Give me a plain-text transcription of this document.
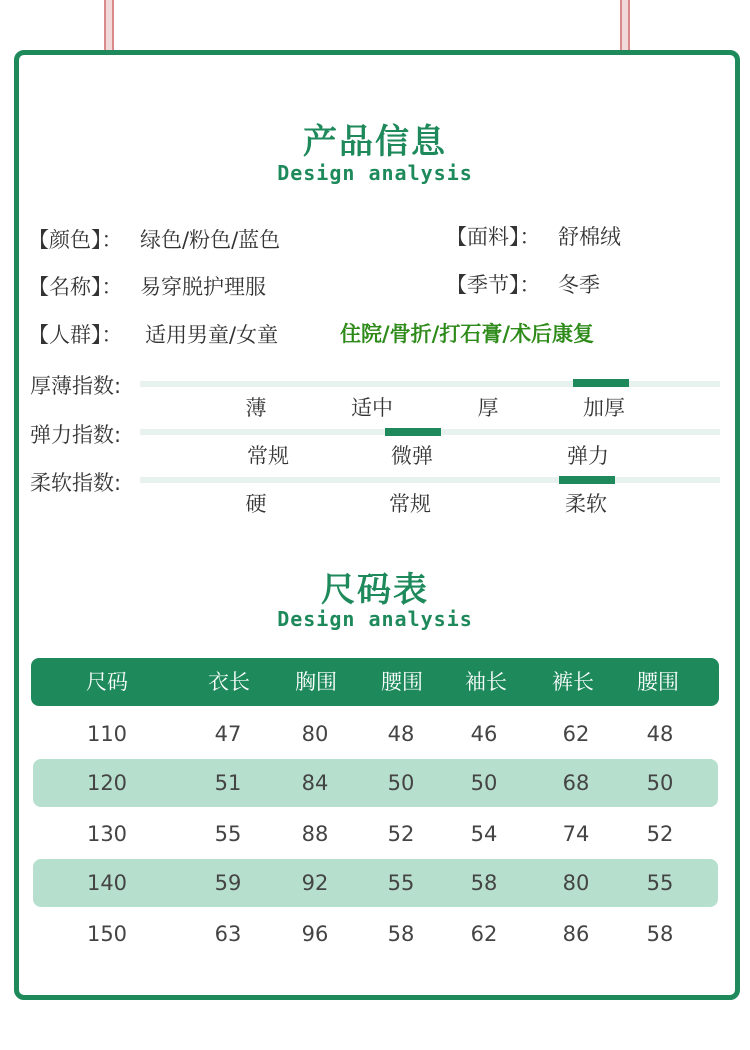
产品信息
Design analysis
【颜色】： 绿色/粉色/蓝色	【面料】： 舒棉绒
【名称】： 易穿脱护理服	【季节】： 冬季
【人群】： 适用男童/女童	住院/骨折/打石膏/术后康复
厚薄指数:
薄	适中	厚	加厚
弹力指数:
常规	微弹	弹力
柔软指数:
硬	常规	柔软
尺码表
Design analysis
尺码	衣长 胸围 腰围 袖长 裤长 腰围
110	47	80	48	46	62	48
120	51	84	50	50	68	50
130	55	88	52	54	74	52
140	59	92	55	58	80	55
150	63	96	58	62	86	58
